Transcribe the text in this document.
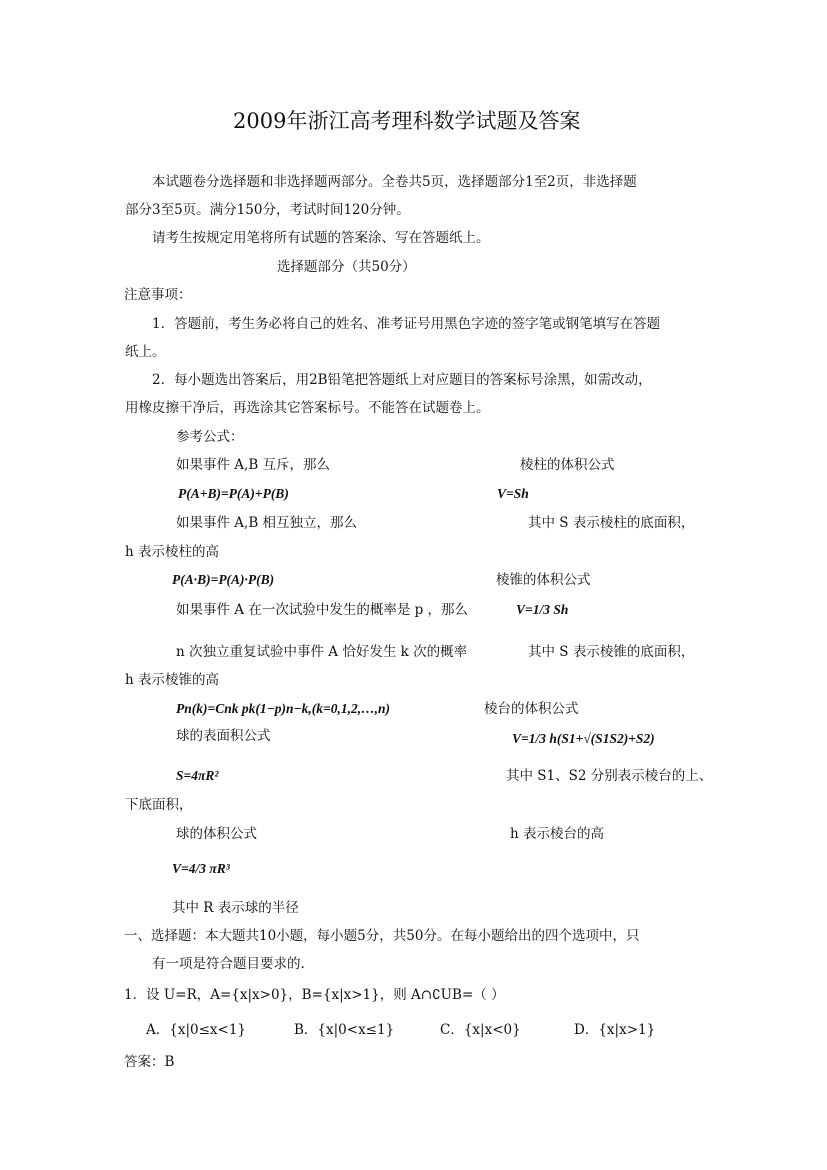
2009年浙江高考理科数学试题及答案
本试题卷分选择题和非选择题两部分。全卷共5页，选择题部分1至2页，非选择题
部分3至5页。满分150分，考试时间120分钟。
请考生按规定用笔将所有试题的答案涂、写在答题纸上。
选择题部分（共50分）
注意事项：
1．答题前，考生务必将自己的姓名、准考证号用黑色字迹的签字笔或钢笔填写在答题
纸上。
2．每小题选出答案后，用2B铅笔把答题纸上对应题目的答案标号涂黑，如需改动，
用橡皮擦干净后，再选涂其它答案标号。不能答在试题卷上。
参考公式：
如果事件 A,B 互斥，那么	棱柱的体积公式
P(A+B)=P(A)+P(B)	V=Sh
如果事件 A,B 相互独立，那么	其中 S 表示棱柱的底面积，
h 表示棱柱的高
P(A·B)=P(A)·P(B)	棱锥的体积公式
如果事件 A 在一次试验中发生的概率是 p ，那么	V=1/3 Sh
n 次独立重复试验中事件 A 恰好发生 k 次的概率	其中 S 表示棱锥的底面积，
h 表示棱锥的高
Pn(k)=Cnk pk(1−p)n−k,(k=0,1,2,…,n)	棱台的体积公式
球的表面积公式	V=1/3 h(S1+√(S1S2)+S2)
S=4πR²	其中 S1、S2 分别表示棱台的上、
下底面积，
球的体积公式	h 表示棱台的高
V=4/3 πR³
其中 R 表示球的半径
一、选择题：本大题共10小题，每小题5分，共50分。在每小题给出的四个选项中，只
有一项是符合题目要求的.
1．设 U=R，A={x|x>0}，B={x|x>1}，则 A∩∁UB=（ ）
A．{x|0≤x<1}	B．{x|0<x≤1}	C．{x|x<0}	D．{x|x>1}
答案：B
